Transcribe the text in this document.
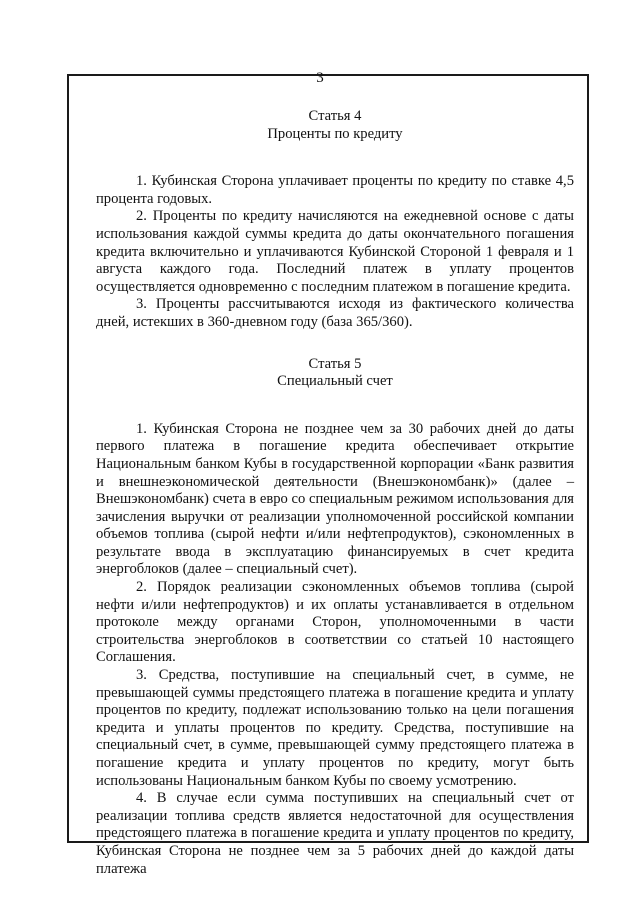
3
Статья 4
Проценты по кредиту

1. Кубинская Сторона уплачивает проценты по кредиту по ставке 4,5 процента годовых.

2. Проценты по кредиту начисляются на ежедневной основе с даты использования каждой суммы кредита до даты окончательного погашения кредита включительно и уплачиваются Кубинской Стороной 1 февраля и 1 августа каждого года. Последний платеж в уплату процентов осуществляется одновременно с последним платежом в погашение кредита.

3. Проценты рассчитываются исходя из фактического количества дней, истекших в 360-дневном году (база 365/360).

Статья 5
Специальный счет

1. Кубинская Сторона не позднее чем за 30 рабочих дней до даты первого платежа в погашение кредита обеспечивает открытие Национальным банком Кубы в государственной корпорации «Банк развития и внешнеэкономической деятельности (Внешэкономбанк)» (далее – Внешэкономбанк) счета в евро со специальным режимом использования для зачисления выручки от реализации уполномоченной российской компании объемов топлива (сырой нефти и/или нефтепродуктов), сэкономленных в результате ввода в эксплуатацию финансируемых в счет кредита энергоблоков (далее – специальный счет).

2. Порядок реализации сэкономленных объемов топлива (сырой нефти и/или нефтепродуктов) и их оплаты устанавливается в отдельном протоколе между органами Сторон, уполномоченными в части строительства энергоблоков в соответствии со статьей 10 настоящего Соглашения.

3. Средства, поступившие на специальный счет, в сумме, не превышающей суммы предстоящего платежа в погашение кредита и уплату процентов по кредиту, подлежат использованию только на цели погашения кредита и уплаты процентов по кредиту. Средства, поступившие на специальный счет, в сумме, превышающей сумму предстоящего платежа в погашение кредита и уплату процентов по кредиту, могут быть использованы Национальным банком Кубы по своему усмотрению.

4. В случае если сумма поступивших на специальный счет от реализации топлива средств является недостаточной для осуществления предстоящего платежа в погашение кредита и уплату процентов по кредиту, Кубинская Сторона не позднее чем за 5 рабочих дней до каждой даты платежа
